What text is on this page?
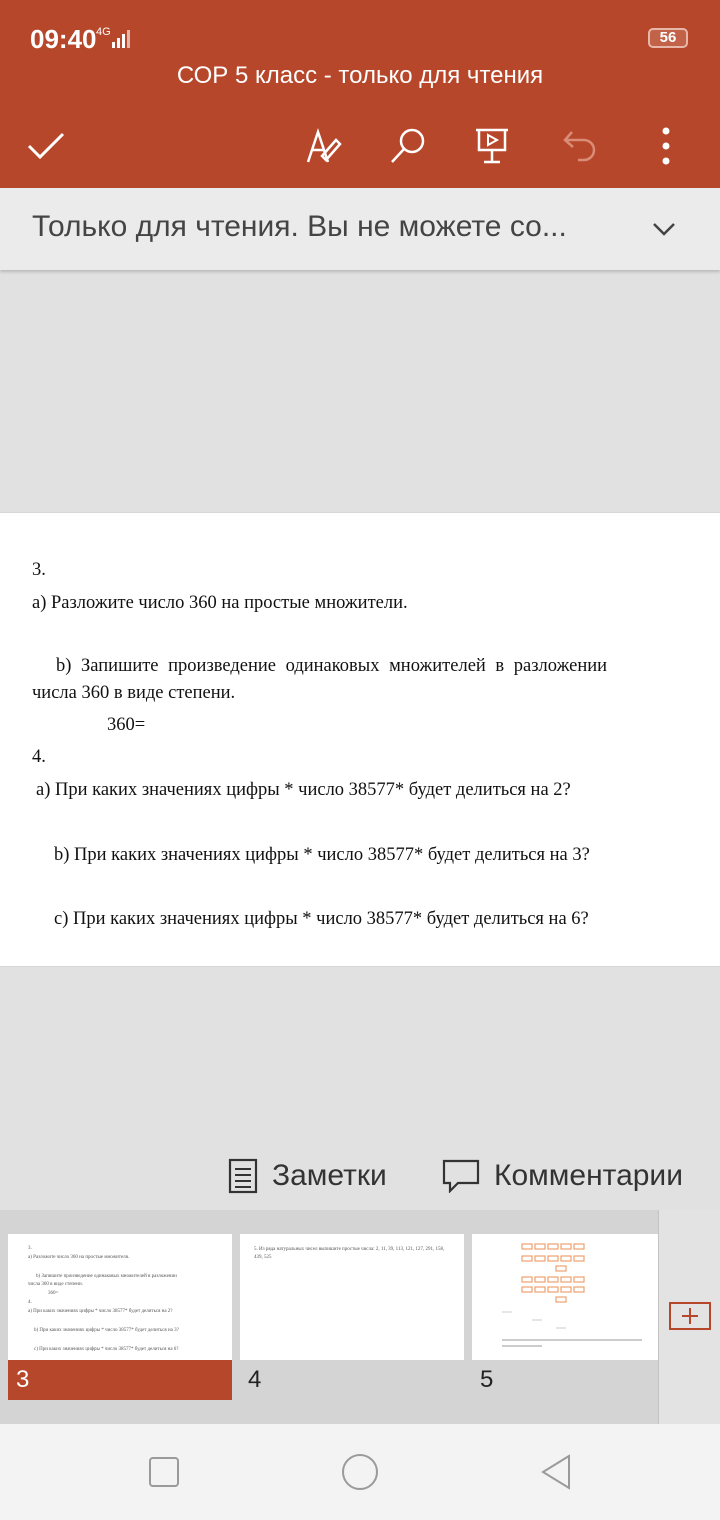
09:40 4G	56
СОР 5 класс - только для чтения
Только для чтения. Вы не можете со...
3.
a) Разложите число 360 на простые множители.
b) Запишите произведение одинаковых множителей в разложении
числа 360 в виде степени.
360=
4.
a) При каких значениях цифры * число 38577* будет делиться на 2?
b) При каких значениях цифры * число 38577* будет делиться на 3?
c) При каких значениях цифры * число 38577* будет делиться на 6?
Заметки	Комментарии
3.
a) Разложите число 360 на простые множители.
b) Запишите произведение одинаковых множителей в разложении
числа 360 в виде степени.
360=
4.
a) При каких значениях цифры * число 38577* будет делиться на 2?
b) При каких значениях цифры * число 38577* будет делиться на 3?
c) При каких значениях цифры * число 38577* будет делиться на 6?
3
5. Из ряда натуральных чисел выпишите простые числа: 2, 11, 39, 113, 121, 127, 291, 158, 439, 525
4	5
